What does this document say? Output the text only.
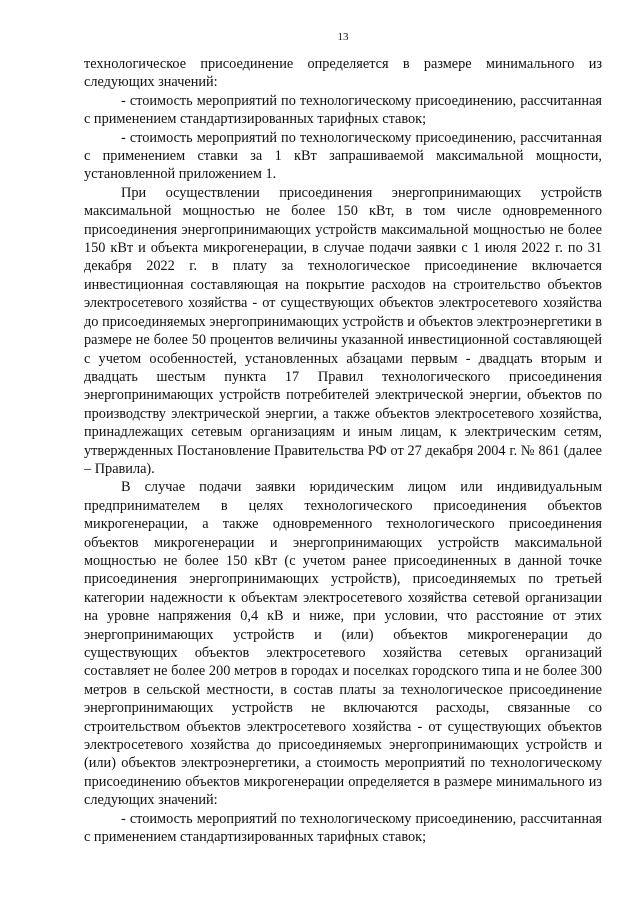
13

технологическое присоединение определяется в размере минимального из следующих значений:

- стоимость мероприятий по технологическому присоединению, рассчитанная с применением стандартизированных тарифных ставок;

- стоимость мероприятий по технологическому присоединению, рассчитанная с применением ставки за 1 кВт запрашиваемой максимальной мощности, установленной приложением 1.

При осуществлении присоединения энергопринимающих устройств максимальной мощностью не более 150 кВт, в том числе одновременного присоединения энергопринимающих устройств максимальной мощностью не более 150 кВт и объекта микрогенерации, в случае подачи заявки с 1 июля 2022 г. по 31 декабря 2022 г. в плату за технологическое присоединение включается инвестиционная составляющая на покрытие расходов на строительство объектов электросетевого хозяйства - от существующих объектов электросетевого хозяйства до присоединяемых энергопринимающих устройств и объектов электроэнергетики в размере не более 50 процентов величины указанной инвестиционной составляющей с учетом особенностей, установленных абзацами первым - двадцать вторым и двадцать шестым пункта 17 Правил технологического присоединения энергопринимающих устройств потребителей электрической энергии, объектов по производству электрической энергии, а также объектов электросетевого хозяйства, принадлежащих сетевым организациям и иным лицам, к электрическим сетям, утвержденных Постановление Правительства РФ от 27 декабря 2004 г. № 861 (далее – Правила).

В случае подачи заявки юридическим лицом или индивидуальным предпринимателем в целях технологического присоединения объектов микрогенерации, а также одновременного технологического присоединения объектов микрогенерации и энергопринимающих устройств максимальной мощностью не более 150 кВт (с учетом ранее присоединенных в данной точке присоединения энергопринимающих устройств), присоединяемых по третьей категории надежности к объектам электросетевого хозяйства сетевой организации на уровне напряжения 0,4 кВ и ниже, при условии, что расстояние от этих энергопринимающих устройств и (или) объектов микрогенерации до существующих объектов электросетевого хозяйства сетевых организаций составляет не более 200 метров в городах и поселках городского типа и не более 300 метров в сельской местности, в состав платы за технологическое присоединение энергопринимающих устройств не включаются расходы, связанные со строительством объектов электросетевого хозяйства - от существующих объектов электросетевого хозяйства до присоединяемых энергопринимающих устройств и (или) объектов электроэнергетики, а стоимость мероприятий по технологическому присоединению объектов микрогенерации определяется в размере минимального из следующих значений:

- стоимость мероприятий по технологическому присоединению, рассчитанная с применением стандартизированных тарифных ставок;
